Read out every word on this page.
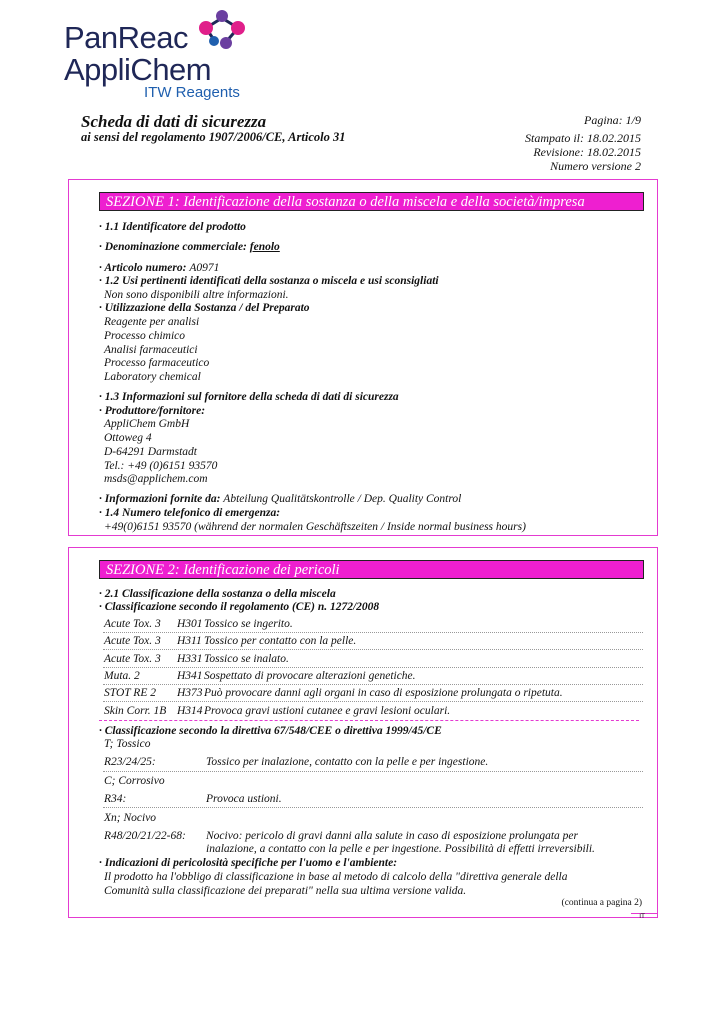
PanReac
AppliChem
ITW Reagents
Scheda di dati di sicurezza
ai sensi del regolamento 1907/2006/CE, Articolo 31
Pagina: 1/9
Stampato il: 18.02.2015
Revisione: 18.02.2015
Numero versione 2
SEZIONE 1: Identificazione della sostanza o della miscela e della società/impresa
· 1.1 Identificatore del prodotto
· Denominazione commerciale: fenolo
· Articolo numero: A0971
· 1.2 Usi pertinenti identificati della sostanza o miscela e usi sconsigliati
Non sono disponibili altre informazioni.
· Utilizzazione della Sostanza / del Preparato
Reagente per analisi
Processo chimico
Analisi farmaceutici
Processo farmaceutico
Laboratory chemical
· 1.3 Informazioni sul fornitore della scheda di dati di sicurezza
· Produttore/fornitore:
AppliChem GmbH
Ottoweg 4
D-64291 Darmstadt
Tel.: +49 (0)6151 93570
msds@applichem.com
· Informazioni fornite da: Abteilung Qualitätskontrolle / Dep. Quality Control
· 1.4 Numero telefonico di emergenza:
+49(0)6151 93570 (während der normalen Geschäftszeiten / Inside normal business hours)
SEZIONE 2: Identificazione dei pericoli
· 2.1 Classificazione della sostanza o della miscela
· Classificazione secondo il regolamento (CE) n. 1272/2008
Acute Tox. 3 H301 Tossico se ingerito.
Acute Tox. 3 H311 Tossico per contatto con la pelle.
Acute Tox. 3 H331 Tossico se inalato.
Muta. 2	H341 Sospettato di provocare alterazioni genetiche.
STOT RE 2 H373 Può provocare danni agli organi in caso di esposizione prolungata o ripetuta.
Skin Corr. 1B H314 Provoca gravi ustioni cutanee e gravi lesioni oculari.
· Classificazione secondo la direttiva 67/548/CEE o direttiva 1999/45/CE
T; Tossico
R23/24/25:	Tossico per inalazione, contatto con la pelle e per ingestione.
C; Corrosivo
R34:	Provoca ustioni.
Xn; Nocivo
R48/20/21/22-68: Nocivo: pericolo di gravi danni alla salute in caso di esposizione prolungata per
inalazione, a contatto con la pelle e per ingestione. Possibilità di effetti irreversibili.
· Indicazioni di pericolosità specifiche per l'uomo e l'ambiente:
Il prodotto ha l'obbligo di classificazione in base al metodo di calcolo della "direttiva generale della
Comunità sulla classificazione dei preparati" nella sua ultima versione valida.
(continua a pagina 2)
IT
